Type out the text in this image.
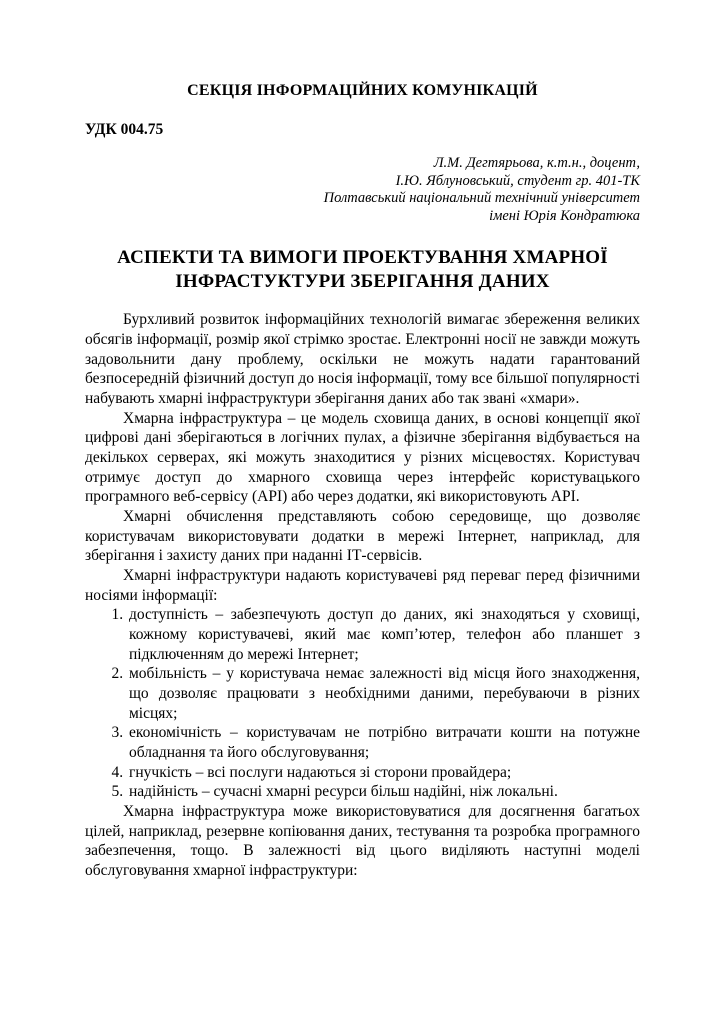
СЕКЦІЯ ІНФОРМАЦІЙНИХ КОМУНІКАЦІЙ
УДК 004.75
Л.М. Дегтярьова, к.т.н., доцент,
І.Ю. Яблуновський, студент гр. 401-ТК
Полтавський національний технічний університет
імені Юрія Кондратюка
АСПЕКТИ ТА ВИМОГИ ПРОЕКТУВАННЯ ХМАРНОЇ ІНФРАСТУКТУРИ ЗБЕРІГАННЯ ДАНИХ

Бурхливий розвиток інформаційних технологій вимагає збереження великих обсягів інформації, розмір якої стрімко зростає. Електронні носії не завжди можуть задовольнити дану проблему, оскільки не можуть надати гарантований безпосередній фізичний доступ до носія інформації, тому все більшої популярності набувають хмарні інфраструктури зберігання даних або так звані «хмари».

Хмарна інфраструктура – це модель сховища даних, в основі концепції якої цифрові дані зберігаються в логічних пулах, а фізичне зберігання відбувається на декількох серверах, які можуть знаходитися у різних місцевостях. Користувач отримує доступ до хмарного сховища через інтерфейс користувацького програмного веб-сервісу (API) або через додатки, які використовують API.

Хмарні обчислення представляють собою середовище, що дозволяє користувачам використовувати додатки в мережі Інтернет, наприклад, для зберігання і захисту даних при наданні ІТ-сервісів.

Хмарні інфраструктури надають користувачеві ряд переваг перед фізичними носіями інформації:

1. доступність – забезпечують доступ до даних, які знаходяться у сховищі, кожному користувачеві, який має комп’ютер, телефон або планшет з підключенням до мережі Інтернет;
2. мобільність – у користувача немає залежності від місця його знаходження, що дозволяє працювати з необхідними даними, перебуваючи в різних місцях;
3. економічність – користувачам не потрібно витрачати кошти на потужне обладнання та його обслуговування;
4. гнучкість – всі послуги надаються зі сторони провайдера;
5. надійність – сучасні хмарні ресурси більш надійні, ніж локальні.

Хмарна інфраструктура може використовуватися для досягнення багатьох цілей, наприклад, резервне копіювання даних, тестування та розробка програмного забезпечення, тощо. В залежності від цього виділяють наступні моделі обслуговування хмарної інфраструктури:
